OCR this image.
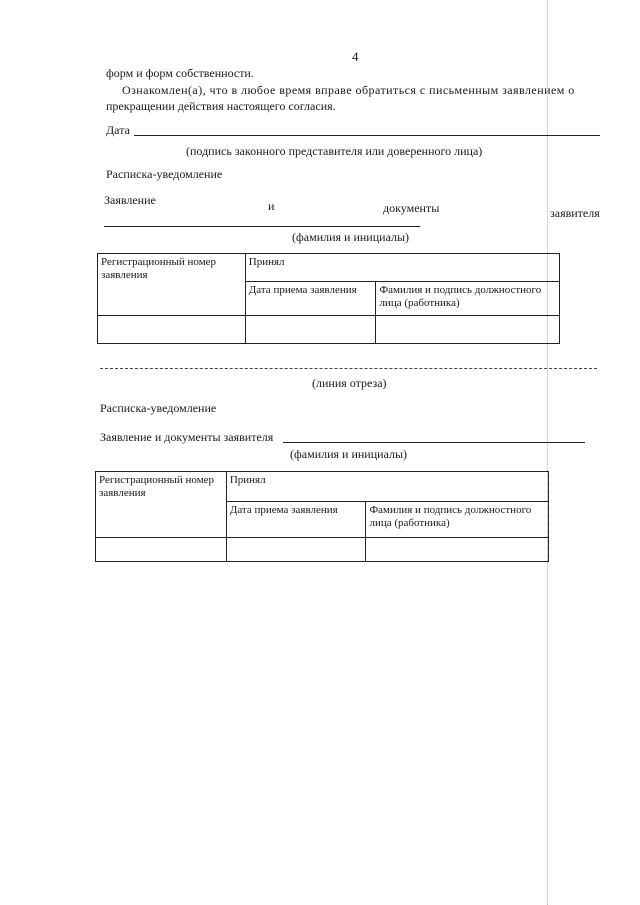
4
форм и форм собственности.
Ознакомлен(а), что в любое время вправе обратиться с письменным заявлением о
прекращении действия настоящего согласия.
Дата
(подпись законного представителя или доверенного лица)
Расписка-уведомление
Заявление	и	документы	заявителя
(фамилия и инициалы)
Регистрационный номер заявления	Принял	
	Дата приема заявления	Фамилия и подпись должностного лица (работника)

(линия отреза)
Расписка-уведомление
Заявление и документы заявителя
(фамилия и инициалы)
Регистрационный номер заявления	Принял	
	Дата приема заявления	Фамилия и подпись должностного лица (работника)
